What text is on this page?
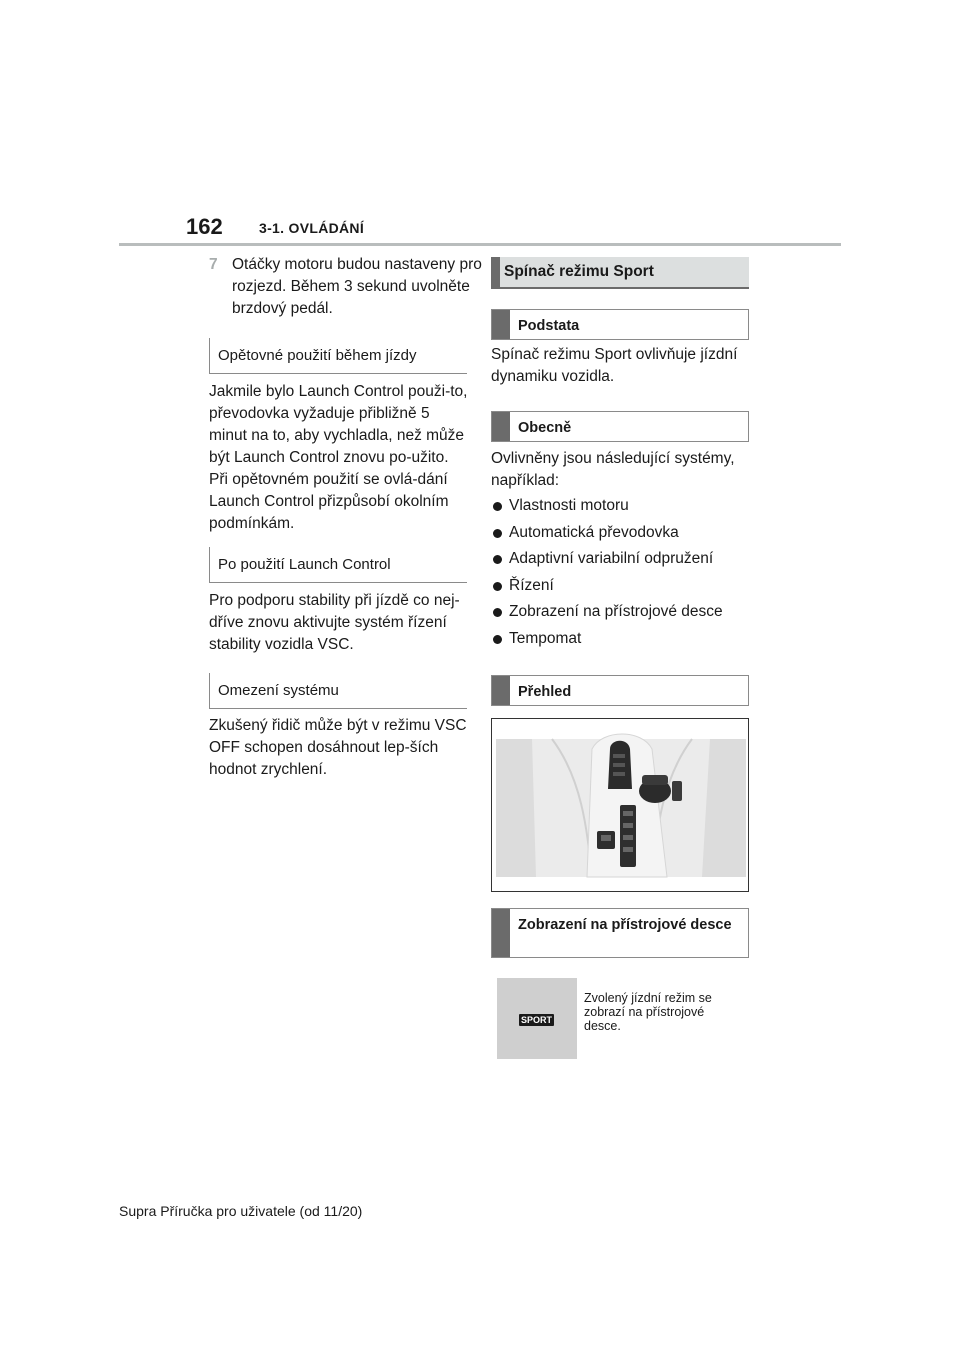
162	3-1. OVLÁDÁNÍ
7 Otáčky motoru budou nastaveny pro rozjezd. Během 3 sekund uvolněte brzdový pedál.
Opětovné použití během jízdy
Jakmile bylo Launch Control použi-to, převodovka vyžaduje přibližně 5 minut na to, aby vychladla, než může být Launch Control znovu po-užito. Při opětovném použití se ovlá-dání Launch Control přizpůsobí okolním podmínkám.
Po použití Launch Control
Pro podporu stability při jízdě co nej-dříve znovu aktivujte systém řízení stability vozidla VSC.
Omezení systému
Zkušený řidič může být v režimu VSC OFF schopen dosáhnout lep-ších hodnot zrychlení.
Spínač režimu Sport
Podstata
Spínač režimu Sport ovlivňuje jízdní dynamiku vozidla.
Obecně
Ovlivněny jsou následující systémy, například:
Vlastnosti motoru
Automatická převodovka
Adaptivní variabilní odpružení
Řízení
Zobrazení na přístrojové desce
Tempomat
Přehled
Zobrazení na přístrojové desce
SPORT
Zvolený jízdní režim se zobrazí na přístrojové desce.
Supra Příručka pro uživatele (od 11/20)
